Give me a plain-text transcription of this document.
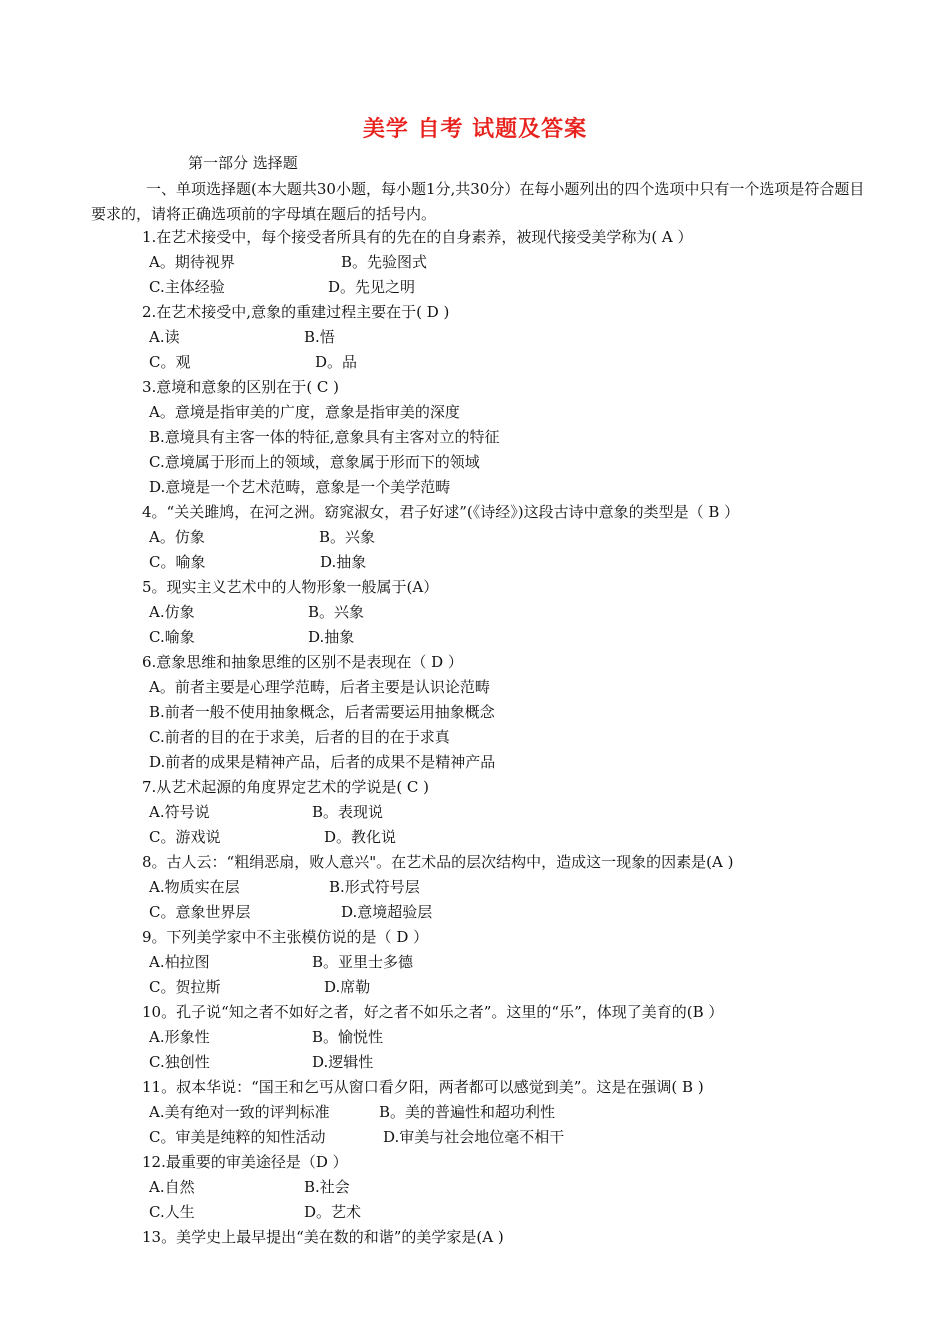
美学 自考 试题及答案
第一部分 选择题
一、单项选择题(本大题共30小题，每小题1分,共30分）在每小题列出的四个选项中只有一个选项是符合题目要求的，请将正确选项前的字母填在题后的括号内。
1.在艺术接受中，每个接受者所具有的先在的自身素养，被现代接受美学称为( A ）
A。期待视界	B。先验图式
C.主体经验	D。先见之明
2.在艺术接受中,意象的重建过程主要在于( D )
A.读	B.悟
C。观	D。品
3.意境和意象的区别在于( C )
A。意境是指审美的广度，意象是指审美的深度
B.意境具有主客一体的特征,意象具有主客对立的特征
C.意境属于形而上的领域，意象属于形而下的领域
D.意境是一个艺术范畴，意象是一个美学范畴
4。“关关雎鸠，在河之洲。窈窕淑女，君子好逑”(《诗经》)这段古诗中意象的类型是（ B ）
A。仿象	B。兴象
C。喻象	D.抽象
5。现实主义艺术中的人物形象一般属于(A）
A.仿象	B。兴象
C.喻象	D.抽象
6.意象思维和抽象思维的区别不是表现在（ D ）
A。前者主要是心理学范畴，后者主要是认识论范畴
B.前者一般不使用抽象概念，后者需要运用抽象概念
C.前者的目的在于求美，后者的目的在于求真
D.前者的成果是精神产品，后者的成果不是精神产品
7.从艺术起源的角度界定艺术的学说是( C )
A.符号说	B。表现说
C。游戏说	D。教化说
8。古人云：“粗绢恶扇，败人意兴"。在艺术品的层次结构中，造成这一现象的因素是(A )
A.物质实在层	B.形式符号层
C。意象世界层	D.意境超验层
9。下列美学家中不主张模仿说的是（ D ）
A.柏拉图	B。亚里士多德
C。贺拉斯	D.席勒
10。孔子说“知之者不如好之者，好之者不如乐之者”。这里的“乐”，体现了美育的(B ）
A.形象性	B。愉悦性
C.独创性	D.逻辑性
11。叔本华说：“国王和乞丐从窗口看夕阳，两者都可以感觉到美”。这是在强调( B )
A.美有绝对一致的评判标准	B。美的普遍性和超功利性
C。审美是纯粹的知性活动	D.审美与社会地位毫不相干
12.最重要的审美途径是（D ）
A.自然	B.社会
C.人生	D。艺术
13。美学史上最早提出“美在数的和谐”的美学家是(A )
